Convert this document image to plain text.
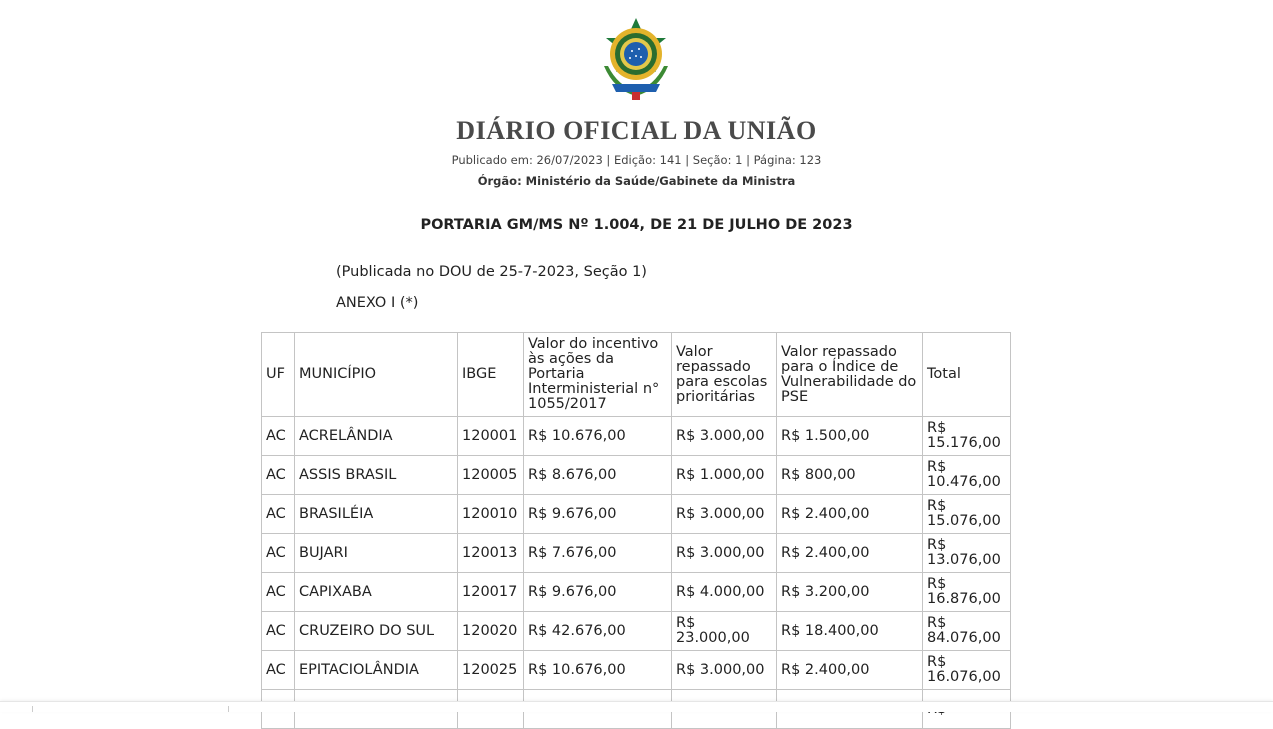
DIÁRIO OFICIAL DA UNIÃO
Publicado em: 26/07/2023 | Edição: 141 | Seção: 1 | Página: 123
Órgão: Ministério da Saúde/Gabinete da Ministra
PORTARIA GM/MS Nº 1.004, DE 21 DE JULHO DE 2023
(Publicada no DOU de 25-7-2023, Seção 1)
ANEXO I (*)
UF	MUNICÍPIO	IBGE	Valor do incentivo às ações da Portaria Interministerial n° 1055/2017	Valor repassado para escolas prioritárias	Valor repassado para o Índice de Vulnerabilidade do PSE	Total
AC	ACRELÂNDIA	120001	R$ 10.676,00	R$ 3.000,00	R$ 1.500,00	R$ 15.176,00
AC	ASSIS BRASIL	120005	R$ 8.676,00	R$ 1.000,00	R$ 800,00	R$ 10.476,00
AC	BRASILÉIA	120010	R$ 9.676,00	R$ 3.000,00	R$ 2.400,00	R$ 15.076,00
AC	BUJARI	120013	R$ 7.676,00	R$ 3.000,00	R$ 2.400,00	R$ 13.076,00
AC	CAPIXABA	120017	R$ 9.676,00	R$ 4.000,00	R$ 3.200,00	R$ 16.876,00
AC	CRUZEIRO DO SUL	120020	R$ 42.676,00	R$ 23.000,00	R$ 18.400,00	R$ 84.076,00
AC	EPITACIOLÂNDIA	120025	R$ 10.676,00	R$ 3.000,00	R$ 2.400,00	R$ 16.076,00
